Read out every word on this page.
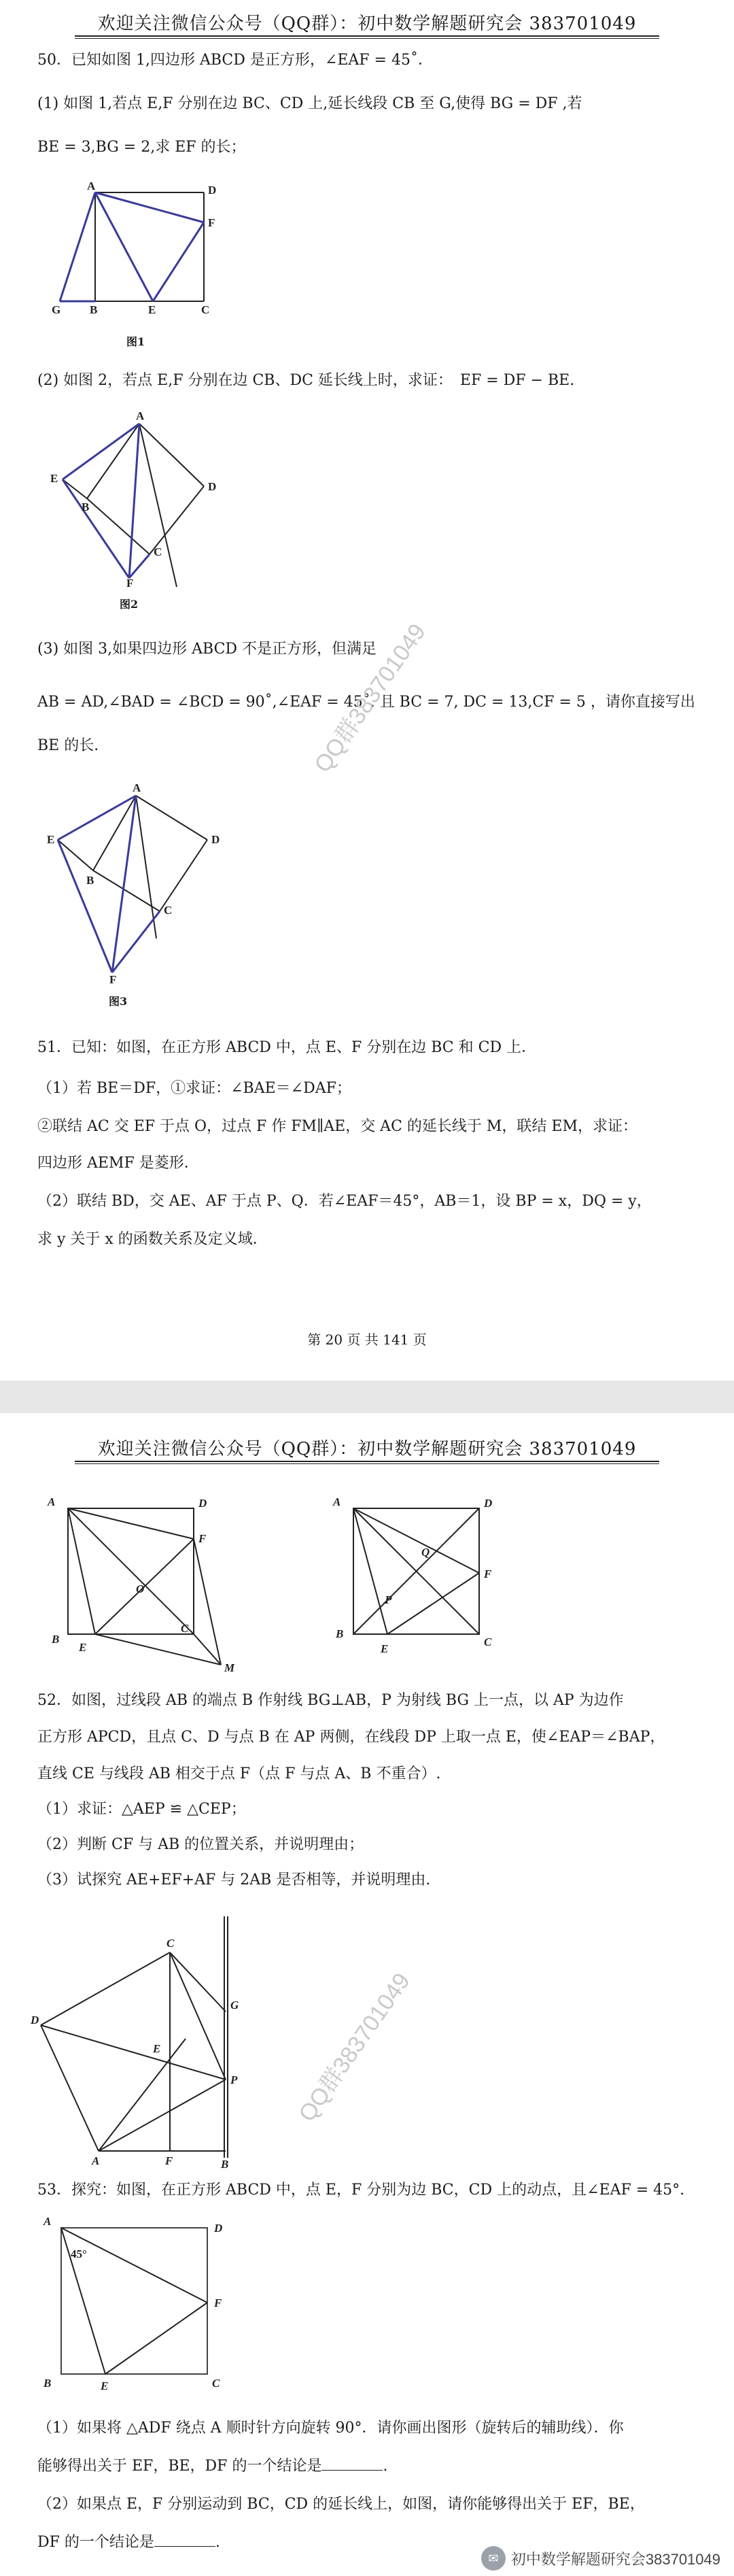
欢迎关注微信公众号（QQ群）：初中数学解题研究会 383701049
50．已知如图 1,四边形 ABCD 是正方形，∠EAF = 45˚．
(1) 如图 1,若点 E,F 分别在边 BC、CD 上,延长线段 CB 至 G,使得 BG = DF ,若
BE = 3,BG = 2,求 EF 的长；
A	D
F
G	B	E	C
图1
(2) 如图 2，若点 E,F 分别在边 CB、DC 延长线上时，求证：　EF = DF − BE.
A
D
E
B
C
F
图2
(3) 如图 3,如果四边形 ABCD 不是正方形，但满足
AB = AD,∠BAD = ∠BCD = 90˚,∠EAF = 45˚, 且 BC = 7, DC = 13,CF = 5 ，请你直接写出
BE 的长.
A
D
E
B
C
F
图3
51．已知：如图，在正方形 ABCD 中，点 E、F 分别在边 BC 和 CD 上．
（1）若 BE＝DF，①求证：∠BAE＝∠DAF；
②联结 AC 交 EF 于点 O，过点 F 作 FM∥AE，交 AC 的延长线于 M，联结 EM，求证：
四边形 AEMF 是菱形．
（2）联结 BD，交 AE、AF 于点 P、Q．若∠EAF＝45°，AB＝1，设 BP = x，DQ = y，
求 y 关于 x 的函数关系及定义域．
第 20 页 共 141 页
QQ群383701049
欢迎关注微信公众号（QQ群）：初中数学解题研究会 383701049
A	D
F
O
C
B
E
M
A	D
F
Q
P
B
E
C
52．如图，过线段 AB 的端点 B 作射线 BG⊥AB，P 为射线 BG 上一点，以 AP 为边作
正方形 APCD，且点 C、D 与点 B 在 AP 两侧，在线段 DP 上取一点 E，使∠EAP＝∠BAP，
直线 CE 与线段 AB 相交于点 F（点 F 与点 A、B 不重合）.
（1）求证：△AEP ≌ △CEP；
（2）判断 CF 与 AB 的位置关系，并说明理由；
（3）试探究 AE+EF+AF 与 2AB 是否相等，并说明理由.
C
D
G
E
P
A	F	B
QQ群383701049
53．探究：如图，在正方形 ABCD 中，点 E，F 分别为边 BC，CD 上的动点，且∠EAF = 45°.
A
D
45°
F
B	E	C
（1）如果将 △ADF 绕点 A 顺时针方向旋转 90°．请你画出图形（旋转后的辅助线）．你
能够得出关于 EF，BE，DF 的一个结论是	.
（2）如果点 E，F 分别运动到 BC，CD 的延长线上，如图，请你能够得出关于 EF，BE，
DF 的一个结论是	.
✉ 初中数学解题研究会383701049
